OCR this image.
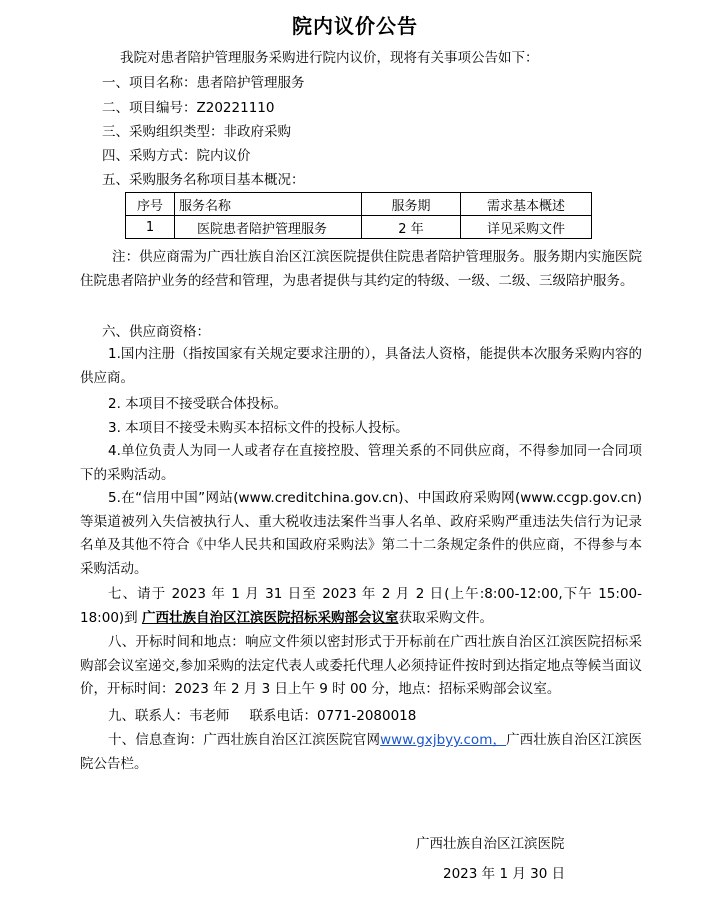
院内议价公告
我院对患者陪护管理服务采购进行院内议价，现将有关事项公告如下：
一、项目名称：患者陪护管理服务
二、项目编号：Z20221110
三、采购组织类型：非政府采购
四、采购方式：院内议价
五、采购服务名称项目基本概况：
序号	服务名称	服务期	需求基本概述
1	医院患者陪护管理服务	2 年	详见采购文件
注：供应商需为广西壮族自治区江滨医院提供住院患者陪护管理服务。服务期内实施医院住院患者陪护业务的经营和管理，为患者提供与其约定的特级、一级、二级、三级陪护服务。
六、供应商资格：
1.国内注册（指按国家有关规定要求注册的），具备法人资格，能提供本次服务采购内容的供应商。
2. 本项目不接受联合体投标。
3. 本项目不接受未购买本招标文件的投标人投标。
4.单位负责人为同一人或者存在直接控股、管理关系的不同供应商，不得参加同一合同项下的采购活动。
5.在“信用中国”网站(www.creditchina.gov.cn)、中国政府采购网(www.ccgp.gov.cn)等渠道被列入失信被执行人、重大税收违法案件当事人名单、政府采购严重违法失信行为记录名单及其他不符合《中华人民共和国政府采购法》第二十二条规定条件的供应商，不得参与本采购活动。
七、请于 2023 年 1 月 31 日至 2023 年 2 月 2 日(上午:8:00-12:00,下午 15:00-18:00)到 广西壮族自治区江滨医院招标采购部会议室获取采购文件。
八、开标时间和地点：响应文件须以密封形式于开标前在广西壮族自治区江滨医院招标采购部会议室递交,参加采购的法定代表人或委托代理人必须持证件按时到达指定地点等候当面议价，开标时间：2023 年 2 月 3 日上午 9 时 00 分，地点：招标采购部会议室。
九、联系人：韦老师 联系电话：0771-2080018
十、信息查询：广西壮族自治区江滨医院官网www.gxjbyy.com，广西壮族自治区江滨医院公告栏。
广西壮族自治区江滨医院
2023 年 1 月 30 日
